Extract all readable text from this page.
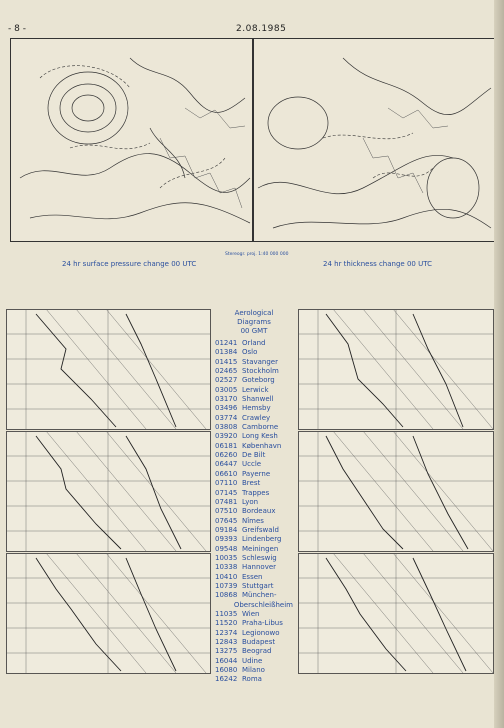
- 8 -	2.08.1985
Stereogr. proj. 1:40 000 000
24 hr surface pressure change 00 UTC	24 hr thickness change 00 UTC
Aerological
Diagrams
00 GMT
01241 Orland
01384 Oslo
01415 Stavanger
02465 Stockholm
02527 Goteborg
03005 Lerwick
03170 Shanwell
03496 Hemsby
03774 Crawley
03808 Camborne
03920 Long Kesh
06181 København
06260 De Bilt
06447 Uccle
06610 Payerne
07110 Brest
07145 Trappes
07481 Lyon
07510 Bordeaux
07645 Nîmes
09184 Greifswald
09393 Lindenberg
09548 Meiningen
10035 Schleswig
10338 Hannover
10410 Essen
10739 Stuttgart
10868 München-
Oberschleißheim
11035 Wien
11520 Praha-Libus
12374 Legionowo
12843 Budapest
13275 Beograd
16044 Udine
16080 Milano
16242 Roma
